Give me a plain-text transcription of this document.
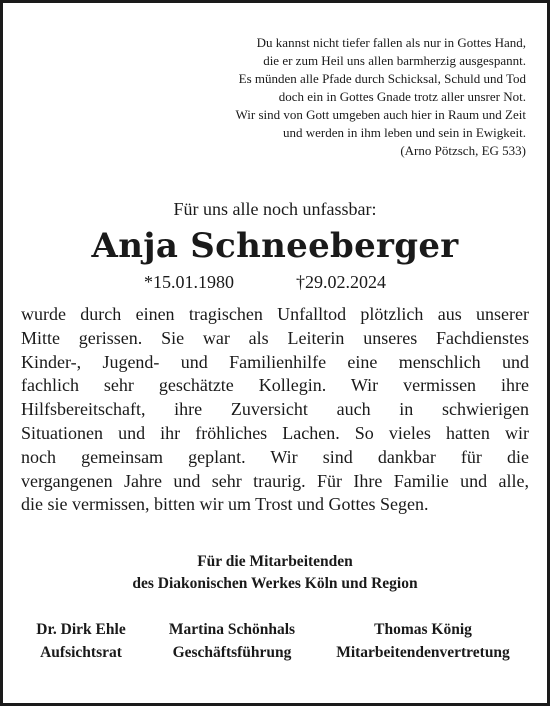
Du kannst nicht tiefer fallen als nur in Gottes Hand,
die er zum Heil uns allen barmherzig ausgespannt.
Es münden alle Pfade durch Schicksal, Schuld und Tod
doch ein in Gottes Gnade trotz aller unsrer Not.
Wir sind von Gott umgeben auch hier in Raum und Zeit
und werden in ihm leben und sein in Ewigkeit.
(Arno Pötzsch, EG 533)
Für uns alle noch unfassbar:
Anja Schneeberger
*15.01.1980	†29.02.2024
wurde durch einen tragischen Unfalltod plötzlich aus unserer
Mitte gerissen. Sie war als Leiterin unseres Fachdienstes
Kinder-, Jugend- und Familienhilfe eine menschlich und
fachlich sehr geschätzte Kollegin. Wir vermissen ihre
Hilfsbereitschaft, ihre Zuversicht auch in schwierigen
Situationen und ihr fröhliches Lachen. So vieles hatten wir
noch gemeinsam geplant. Wir sind dankbar für die
vergangenen Jahre und sehr traurig. Für Ihre Familie und alle,
die sie vermissen, bitten wir um Trost und Gottes Segen.
Für die Mitarbeitenden
des Diakonischen Werkes Köln und Region
Dr. Dirk Ehle
Aufsichtsrat
Martina Schönhals
Geschäftsführung
Thomas König
Mitarbeitendenvertretung
